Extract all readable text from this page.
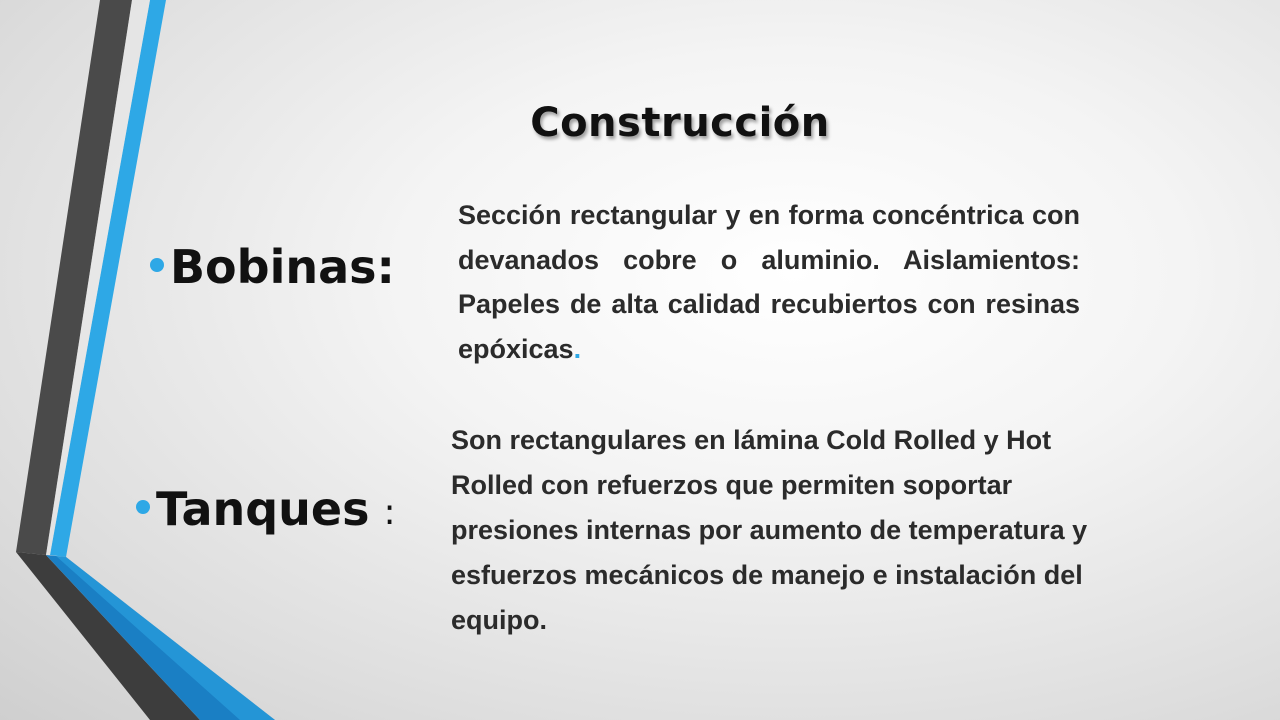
Construcción
Bobinas:
Sección rectangular y en forma concéntrica con devanados cobre o aluminio. Aislamientos: Papeles de alta calidad recubiertos con resinas epóxicas.
Tanques :
Son rectangulares en lámina Cold Rolled y Hot Rolled con refuerzos que permiten soportar presiones internas por aumento de temperatura y esfuerzos mecánicos de manejo e instalación del equipo.
